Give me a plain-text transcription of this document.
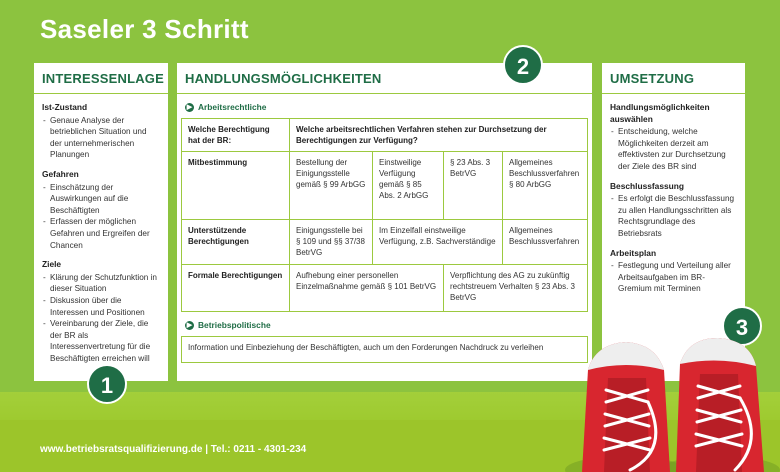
Saseler 3 Schritt
INTERESSENLAGE
Ist-Zustand
- Genaue Analyse der betrieblichen Situation und der unternehmerischen Planungen
Gefahren
- Einschätzung der Auswirkungen auf die Beschäftigten
- Erfassen der möglichen Gefahren und Ergreifen der Chancen
Ziele
- Klärung der Schutzfunktion in dieser Situation
- Diskussion über die Interessen und Positionen
- Vereinbarung der Ziele, die der BR als Interessenvertretung für die Beschäftigten erreichen will
HANDLUNGSMÖGLICHKEITEN
▶ Arbeitsrechtliche
Welche Berechtigung hat der BR:	Welche arbeitsrechtlichen Verfahren stehen zur Durchsetzung der Berechtigungen zur Verfügung?			
Mitbestimmung	Bestellung der Einigungsstelle gemäß § 99 ArbGG	Einstweilige Verfügung gemäß § 85 Abs. 2 ArbGG	§ 23 Abs. 3 BetrVG	Allgemeines Beschlussverfahren § 80 ArbGG
Unterstützende Berechtigungen	Einigungsstelle bei § 109 und §§ 37/38 BetrVG	Im Einzelfall einstweilige Verfügung, z.B. Sachverständige		Allgemeines Beschlussverfahren
Formale Berechtigungen	Aufhebung einer personellen Einzelmaßnahme gemäß § 101 BetrVG		Verpflichtung des AG zu zukünftig rechtstreuem Verhalten § 23 Abs. 3 BetrVG	
▶ Betriebspolitische
Information und Einbeziehung der Beschäftigten, auch um den Forderungen Nachdruck zu verleihen
UMSETZUNG
Handlungsmöglichkeiten auswählen
- Entscheidung, welche Möglichkeiten derzeit am effektivsten zur Durchsetzung der Ziele des BR sind
Beschlussfassung
- Es erfolgt die Beschlussfassung zu allen Handlungsschritten als Rechtsgrundlage des Betriebsrats
Arbeitsplan
- Festlegung und Verteilung aller Arbeitsaufgaben im BR-Gremium mit Terminen
1
2
3
www.betriebsratsqualifizierung.de | Tel.: 0211 - 4301-234
